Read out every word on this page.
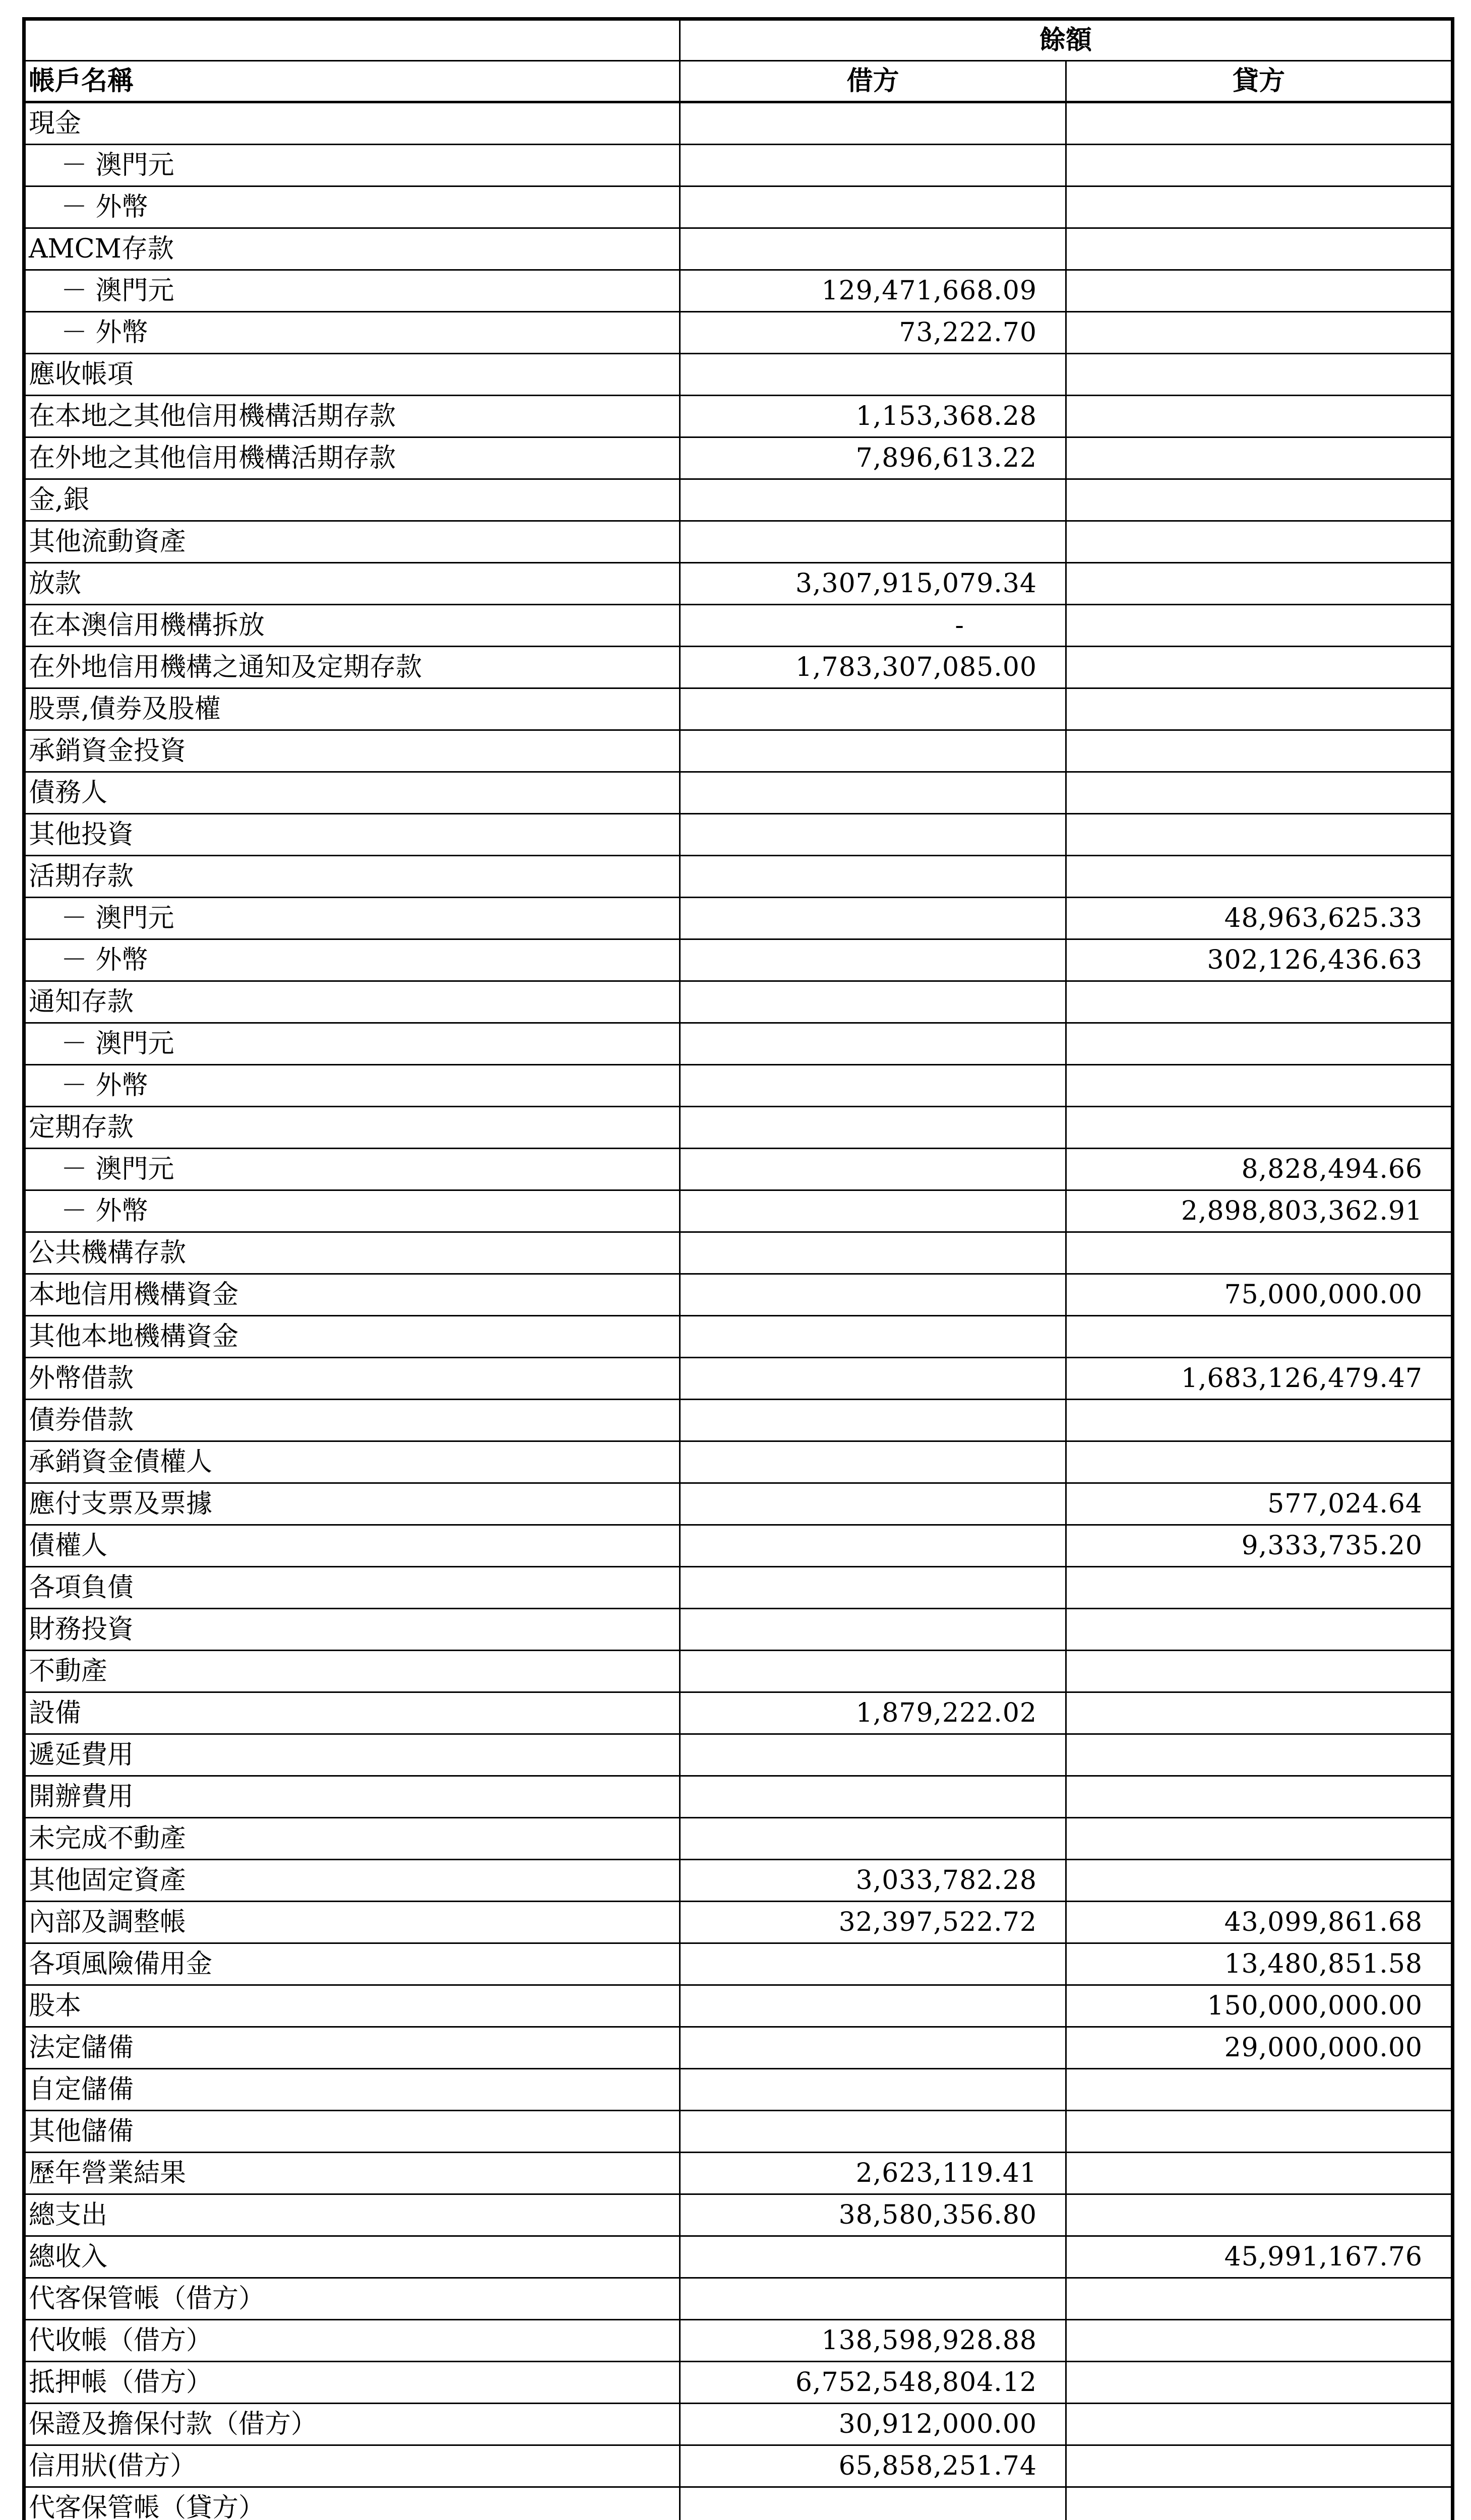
	餘額	
帳戶名稱	借方	貸方
現金		
－ 澳門元		
－ 外幣		
AMCM存款		
－ 澳門元	129,471,668.09	
－ 外幣	73,222.70	
應收帳項		
在本地之其他信用機構活期存款	1,153,368.28	
在外地之其他信用機構活期存款	7,896,613.22	
金,銀		
其他流動資產		
放款	3,307,915,079.34	
在本澳信用機構拆放	-	
在外地信用機構之通知及定期存款	1,783,307,085.00	
股票,債券及股權		
承銷資金投資		
債務人		
其他投資		
活期存款		
－ 澳門元		48,963,625.33
－ 外幣		302,126,436.63
通知存款		
－ 澳門元		
－ 外幣		
定期存款		
－ 澳門元		8,828,494.66
－ 外幣		2,898,803,362.91
公共機構存款		
本地信用機構資金		75,000,000.00
其他本地機構資金		
外幣借款		1,683,126,479.47
債券借款		
承銷資金債權人		
應付支票及票據		577,024.64
債權人		9,333,735.20
各項負債		
財務投資		
不動產		
設備	1,879,222.02	
遞延費用		
開辦費用		
未完成不動產		
其他固定資產	3,033,782.28	
內部及調整帳	32,397,522.72	43,099,861.68
各項風險備用金		13,480,851.58
股本		150,000,000.00
法定儲備		29,000,000.00
自定儲備		
其他儲備		
歷年營業結果	2,623,119.41	
總支出	38,580,356.80	
總收入		45,991,167.76
代客保管帳（借方）		
代收帳（借方）	138,598,928.88	
抵押帳（借方）	6,752,548,804.12	
保證及擔保付款（借方）	30,912,000.00	
信用狀(借方）	65,858,251.74	
代客保管帳（貸方）		
